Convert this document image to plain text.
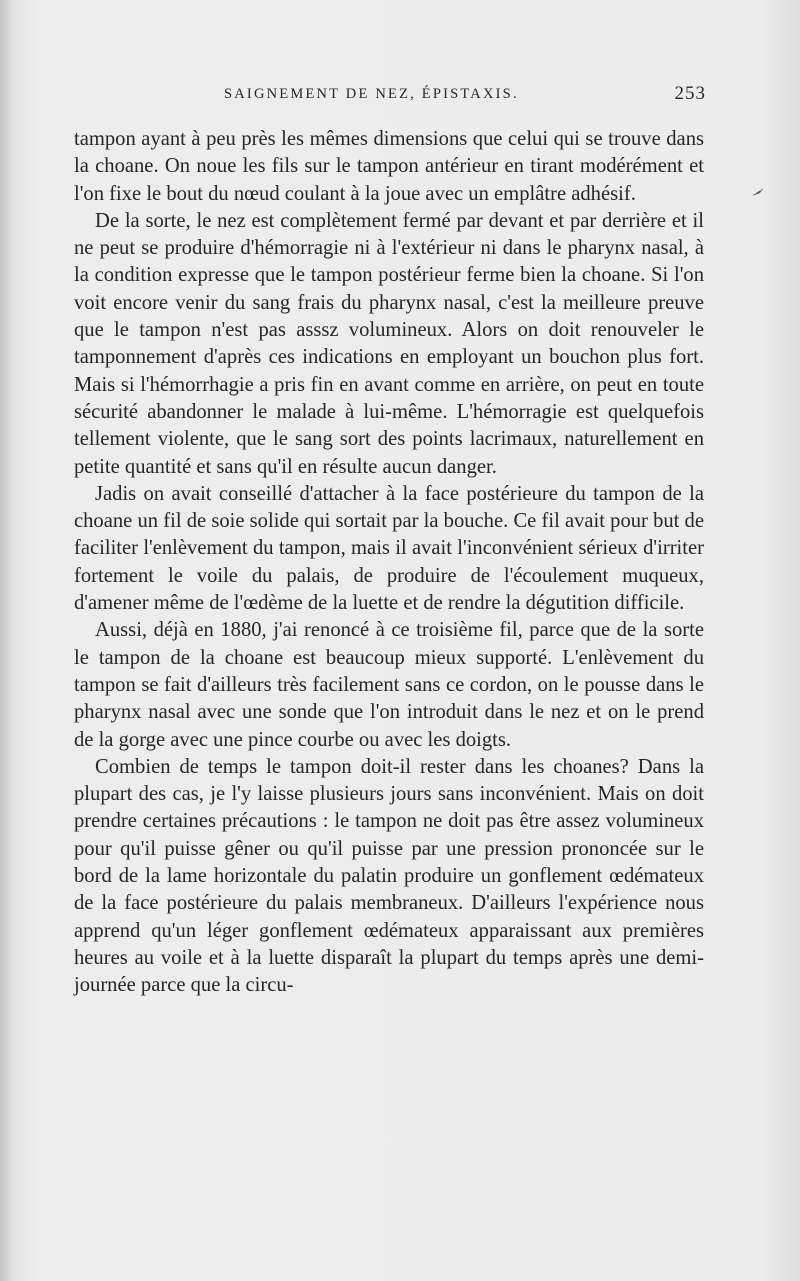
SAIGNEMENT DE NEZ, ÉPISTAXIS.	253

tampon ayant à peu près les mêmes dimensions que celui qui se trouve dans la choane. On noue les fils sur le tampon antérieur en tirant modérément et l'on fixe le bout du nœud coulant à la joue avec un emplâtre adhésif.

De la sorte, le nez est complètement fermé par devant et par derrière et il ne peut se produire d'hémorragie ni à l'extérieur ni dans le pharynx nasal, à la condition expresse que le tampon postérieur ferme bien la choane. Si l'on voit encore venir du sang frais du pharynx nasal, c'est la meilleure preuve que le tampon n'est pas asssz volumineux. Alors on doit renouveler le tamponnement d'après ces indications en employant un bouchon plus fort. Mais si l'hémorrhagie a pris fin en avant comme en arrière, on peut en toute sécurité abandonner le malade à lui-même. L'hémorragie est quelquefois tellement violente, que le sang sort des points lacrimaux, naturellement en petite quantité et sans qu'il en résulte aucun danger.

Jadis on avait conseillé d'attacher à la face postérieure du tampon de la choane un fil de soie solide qui sortait par la bouche. Ce fil avait pour but de faciliter l'enlèvement du tampon, mais il avait l'inconvénient sérieux d'irriter fortement le voile du palais, de produire de l'écoulement muqueux, d'amener même de l'œdème de la luette et de rendre la dégutition difficile.

Aussi, déjà en 1880, j'ai renoncé à ce troisième fil, parce que de la sorte le tampon de la choane est beaucoup mieux supporté. L'enlèvement du tampon se fait d'ailleurs très facilement sans ce cordon, on le pousse dans le pharynx nasal avec une sonde que l'on introduit dans le nez et on le prend de la gorge avec une pince courbe ou avec les doigts.

Combien de temps le tampon doit-il rester dans les choanes? Dans la plupart des cas, je l'y laisse plusieurs jours sans inconvénient. Mais on doit prendre certaines précautions : le tampon ne doit pas être assez volumineux pour qu'il puisse gêner ou qu'il puisse par une pression prononcée sur le bord de la lame horizontale du palatin produire un gonflement œdémateux de la face postérieure du palais membraneux. D'ailleurs l'expérience nous apprend qu'un léger gonflement œdémateux apparaissant aux premières heures au voile et à la luette disparaît la plupart du temps après une demi-journée parce que la circu-
